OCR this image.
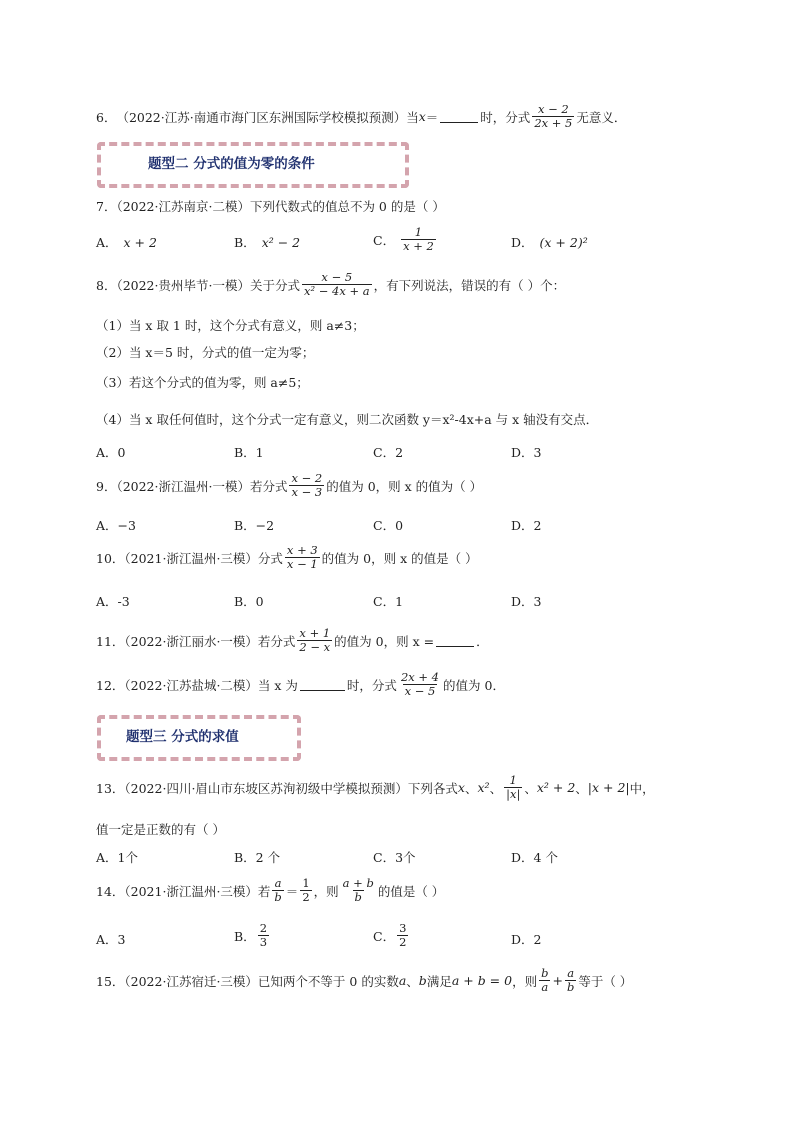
6． （2022·江苏·南通市海门区东洲国际学校模拟预测）当 x ＝	时，分式 $\frac{x - 2}{2x + 5}$ 无意义．
题型二 分式的值为零的条件
7．（2022·江苏南京·二模）下列代数式的值总不为 0 的是（ ）
A． x + 2	B． x² − 2	C． $\frac{1}{x + 2}$	D． (x + 2)²
8．（2022·贵州毕节·一模）关于分式 $\frac{x - 5}{\text{x² − 4x + a}}$ ，有下列说法，错误的有（ ）个：
（1）当 x 取 1 时，这个分式有意义，则 a≠3；
（2）当 x＝5 时，分式的值一定为零；
（3）若这个分式的值为零，则 a≠5；
（4）当 x 取任何值时，这个分式一定有意义，则二次函数 y＝x²-4x+a 与 x 轴没有交点．
A．0	B．1	C．2	D．3
9．（2022·浙江温州·一模）若分式 $\frac{x - 2}{x - 3}$ 的值为 0，则 x 的值为（ ）
A．−3	B．−2	C．0	D．2
10．（2021·浙江温州·三模）分式 $\frac{x + 3}{x - 1}$ 的值为 0，则 x 的值是（ ）
A．-3	B．0	C．1	D．3
11．（2022·浙江丽水·一模）若分式 $\frac{x + 1}{2 - x}$ 的值为 0，则 x =	．
12．（2022·江苏盐城·二模）当 x 为	时，分式 $\frac{2x + 4}{x - 5}$ 的值为 0．
题型三 分式的求值
13．（2022·四川·眉山市东坡区苏洵初级中学模拟预测）下列各式 x 、 x² 、 $\frac{1}{|x|}$ 、 x² + 2 、 |x + 2| 中，
值一定是正数的有（ ）
A．1个	B．2 个	C．3个	D．4 个
14．（2021·浙江温州·三模）若 $\frac{a}{b} = \frac{1}{2}$ ，则 $\frac{a + b}{b}$ 的值是（ ）
A．3	B． $\frac{2}{3}$	C． $\frac{3}{2}$	D．2
15．（2022·江苏宿迁·三模）已知两个不等于 0 的实数 a 、 b 满足 a + b = 0 ，则 $\frac{b}{a} + \frac{a}{b}$ 等于（ ）
